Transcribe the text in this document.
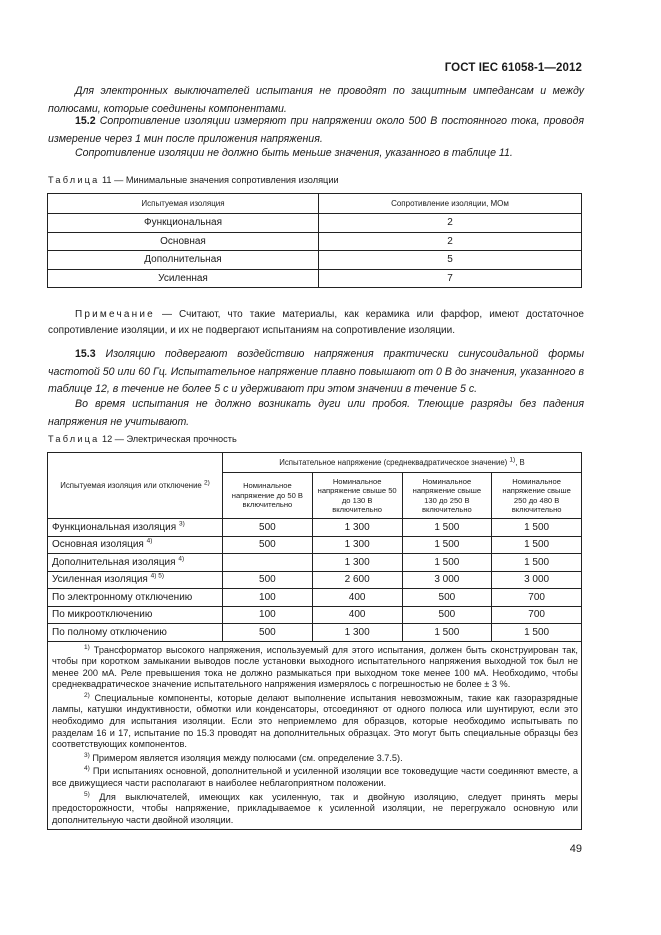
ГОСТ IEC 61058-1—2012
Для электронных выключателей испытания не проводят по защитным импедансам и между полюсами, которые соединены компонентами.
15.2 Сопротивление изоляции измеряют при напряжении около 500 В постоянного тока, проводя измерение через 1 мин после приложения напряжения.
Сопротивление изоляции не должно быть меньше значения, указанного в таблице 11.
Таблица 11 — Минимальные значения сопротивления изоляции
Испытуемая изоляция	Сопротивление изоляции, МОм
Функциональная	2
Основная	2
Дополнительная	5
Усиленная	7
Примечание — Считают, что такие материалы, как керамика или фарфор, имеют достаточное сопротивление изоляции, и их не подвергают испытаниям на сопротивление изоляции.
15.3 Изоляцию подвергают воздействию напряжения практически синусоидальной формы частотой 50 или 60 Гц. Испытательное напряжение плавно повышают от 0 В до значения, указанного в таблице 12, в течение не более 5 с и удерживают при этом значении в течение 5 с.
Во время испытания не должно возникать дуги или пробоя. Тлеющие разряды без падения напряжения не учитывают.
Таблица 12 — Электрическая прочность
Испытуемая изоляция или отключение $^{2)}$	Испытательное напряжение (среднеквадратическое значение) $^{1)}$, В			
	Номинальное напряжение до 50 В включительно	Номинальное напряжение свыше 50 до 130 В включительно	Номинальное напряжение свыше 130 до 250 В включительно	Номинальное напряжение свыше 250 до 480 В включительно
Функциональная изоляция $^{3)}$	500	1 300	1 500	1 500
Основная изоляция $^{4)}$	500	1 300	1 500	1 500
Дополнительная изоляция $^{4)}$		1 300	1 500	1 500
Усиленная изоляция $^{4) 5)}$	500	2 600	3 000	3 000
По электронному отключению	100	400	500	700
По микроотключению	100	400	500	700
По полному отключению	500	1 300	1 500	1 500

$^{1)}$ Трансформатор высокого напряжения, используемый для этого испытания, должен быть сконструирован так, чтобы при коротком замыкании выводов после установки выходного испытательного напряжения выходной ток был не менее 200 мА. Реле превышения тока не должно размыкаться при выходном токе менее 100 мА. Необходимо, чтобы среднеквадратическое значение испытательного напряжения измерялось с погрешностью не более ± 3 %.

$^{2)}$ Специальные компоненты, которые делают выполнение испытания невозможным, такие как газоразрядные лампы, катушки индуктивности, обмотки или конденсаторы, отсоединяют от одного полюса или шунтируют, если это необходимо для испытания изоляции. Если это неприемлемо для образцов, которые необходимо испытывать по разделам 16 и 17, испытание по 15.3 проводят на дополнительных образцах. Это могут быть специальные образцы без соответствующих компонентов.

$^{3)}$ Примером является изоляция между полюсами (см. определение 3.7.5).

$^{4)}$ При испытаниях основной, дополнительной и усиленной изоляции все токоведущие части соединяют вместе, а все движущиеся части располагают в наиболее неблагоприятном положении.

$^{5)}$ Для выключателей, имеющих как усиленную, так и двойную изоляцию, следует принять меры предосторожности, чтобы напряжение, прикладываемое к усиленной изоляции, не перегружало основную или дополнительную части двойной изоляции.				

49
